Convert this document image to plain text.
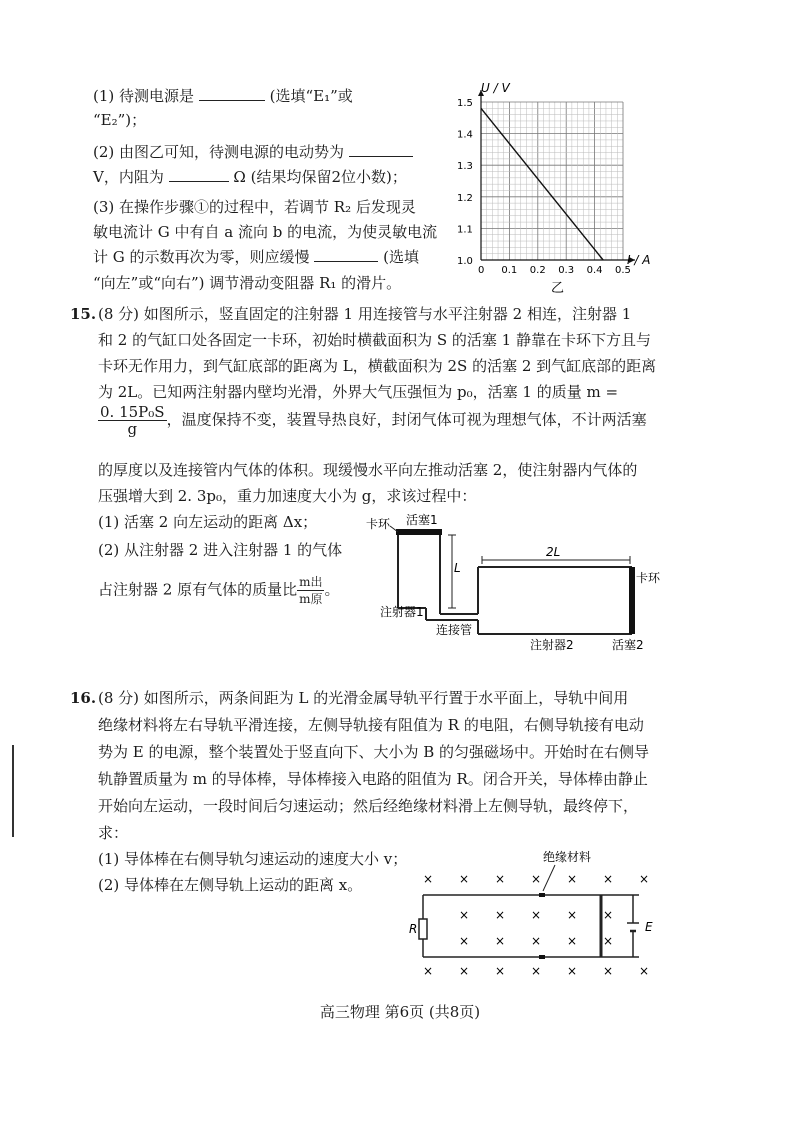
(1) 待测电源是	(选填“E₁”或
“E₂”)；
(2) 由图乙可知，待测电源的电动势为
V，内阻为	Ω (结果均保留2位小数)；
(3) 在操作步骤①的过程中，若调节 R₂ 后发现灵
敏电流计 G 中有自 a 流向 b 的电流，为使灵敏电流
计 G 的示数再次为零，则应缓慢	(选填
“向左”或“向右”) 调节滑动变阻器 R₁ 的滑片。
0 0.1 0.2 0.3 0.4 0.5
1.0
1.1
1.2
1.3
1.4
1.5
U / V
I / A
乙
15. (8 分) 如图所示，竖直固定的注射器 1 用连接管与水平注射器 2 相连，注射器 1
和 2 的气缸口处各固定一卡环，初始时横截面积为 S 的活塞 1 静靠在卡环下方且与
卡环无作用力，到气缸底部的距离为 L，横截面积为 2S 的活塞 2 到气缸底部的距离
为 2L。已知两注射器内壁均光滑，外界大气压强恒为 p₀，活塞 1 的质量 m =
$\frac{\text{0. 15P₀S}}{g}$ ，温度保持不变，装置导热良好，封闭气体可视为理想气体，不计两活塞
的厚度以及连接管内气体的体积。现缓慢水平向左推动活塞 2，使注射器内气体的
压强增大到 2. 3p₀，重力加速度大小为 g，求该过程中：
(1) 活塞 2 向左运动的距离 Δx；
(2) 从注射器 2 进入注射器 1 的气体
占注射器 2 原有气体的质量比 $\frac{\text{m出}}{\text{m原}}$ 。
卡环 活塞1
L
2L
卡环
注射器1
连接管
注射器2	活塞2
16. (8 分) 如图所示，两条间距为 L 的光滑金属导轨平行置于水平面上，导轨中间用
绝缘材料将左右导轨平滑连接，左侧导轨接有阻值为 R 的电阻，右侧导轨接有电动
势为 E 的电源，整个装置处于竖直向下、大小为 B 的匀强磁场中。开始时在右侧导
轨静置质量为 m 的导体棒，导体棒接入电路的阻值为 R。闭合开关，导体棒由静止
开始向左运动，一段时间后匀速运动；然后经绝缘材料滑上左侧导轨，最终停下，
求：
(1) 导体棒在右侧导轨匀速运动的速度大小 v；
(2) 导体棒在左侧导轨上运动的距离 x。
绝缘材料
R	E
× × × × × × ×
× × × × ×
× × × × ×
× × × × × × ×
高三物理 第6页 (共8页)
